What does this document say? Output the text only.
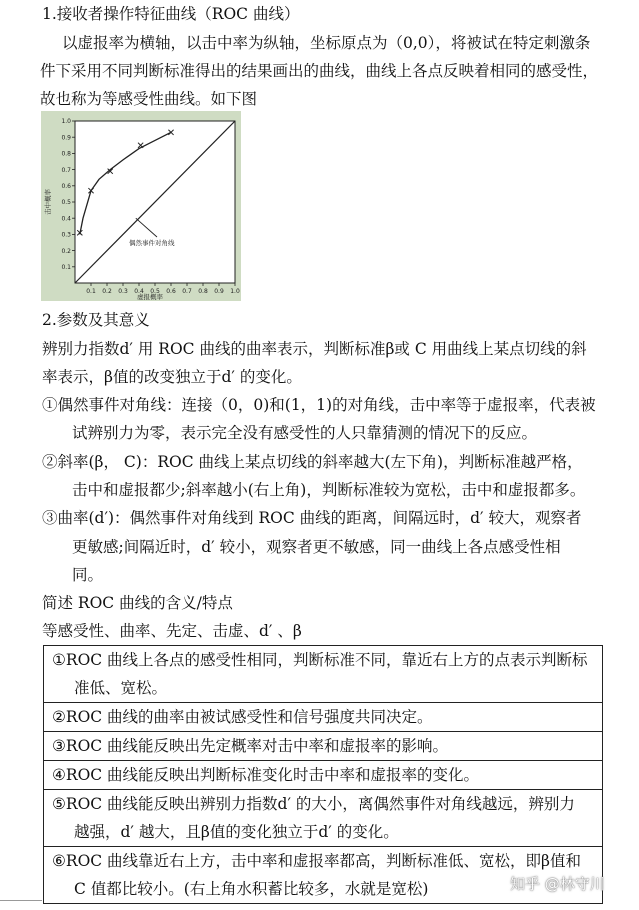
1.接收者操作特征曲线（ROC 曲线）
以虚报率为横轴，以击中率为纵轴，坐标原点为（0,0），将被试在特定刺激条
件下采用不同判断标准得出的结果画出的曲线，曲线上各点反映着相同的感受性，
故也称为等感受性曲线。如下图
0.1
0.2
0.3
0.4
0.5
0.6
0.7
0.8
0.9
1.0
0.1 0.2 0.3 0.4 0.5 0.6 0.7 0.8 0.9 1.0
偶然事件对角线
虚报概率
击中概率
2.参数及其意义
辨别力指数d′ 用 ROC 曲线的曲率表示，判断标准β或 C 用曲线上某点切线的斜
率表示，β值的改变独立于d′ 的变化。
①偶然事件对角线：连接（0，0)和(1，1)的对角线，击中率等于虚报率，代表被
试辨别力为零，表示完全没有感受性的人只靠猜测的情况下的反应。
②斜率(β， C)：ROC 曲线上某点切线的斜率越大(左下角)，判断标准越严格，
击中和虚报都少;斜率越小(右上角)，判断标准较为宽松，击中和虚报都多。
③曲率(d′)：偶然事件对角线到 ROC 曲线的距离，间隔远时，d′ 较大，观察者
更敏感;间隔近时，d′ 较小，观察者更不敏感，同一曲线上各点感受性相
同。
简述 ROC 曲线的含义/特点
等感受性、曲率、先定、击虚、d′ 、β
①ROC 曲线上各点的感受性相同，判断标准不同，靠近右上方的点表示判断标
准低、宽松。
②ROC 曲线的曲率由被试感受性和信号强度共同决定。
③ROC 曲线能反映出先定概率对击中率和虚报率的影响。
④ROC 曲线能反映出判断标准变化时击中率和虚报率的变化。
⑤ROC 曲线能反映出辨别力指数d′ 的大小，离偶然事件对角线越远，辨别力
越强，d′ 越大，且β值的变化独立于d′ 的变化。
⑥ROC 曲线靠近右上方，击中率和虚报率都高，判断标准低、宽松，即β值和
C 值都比较小。(右上角水积蓄比较多，水就是宽松)	知乎 @林守川
